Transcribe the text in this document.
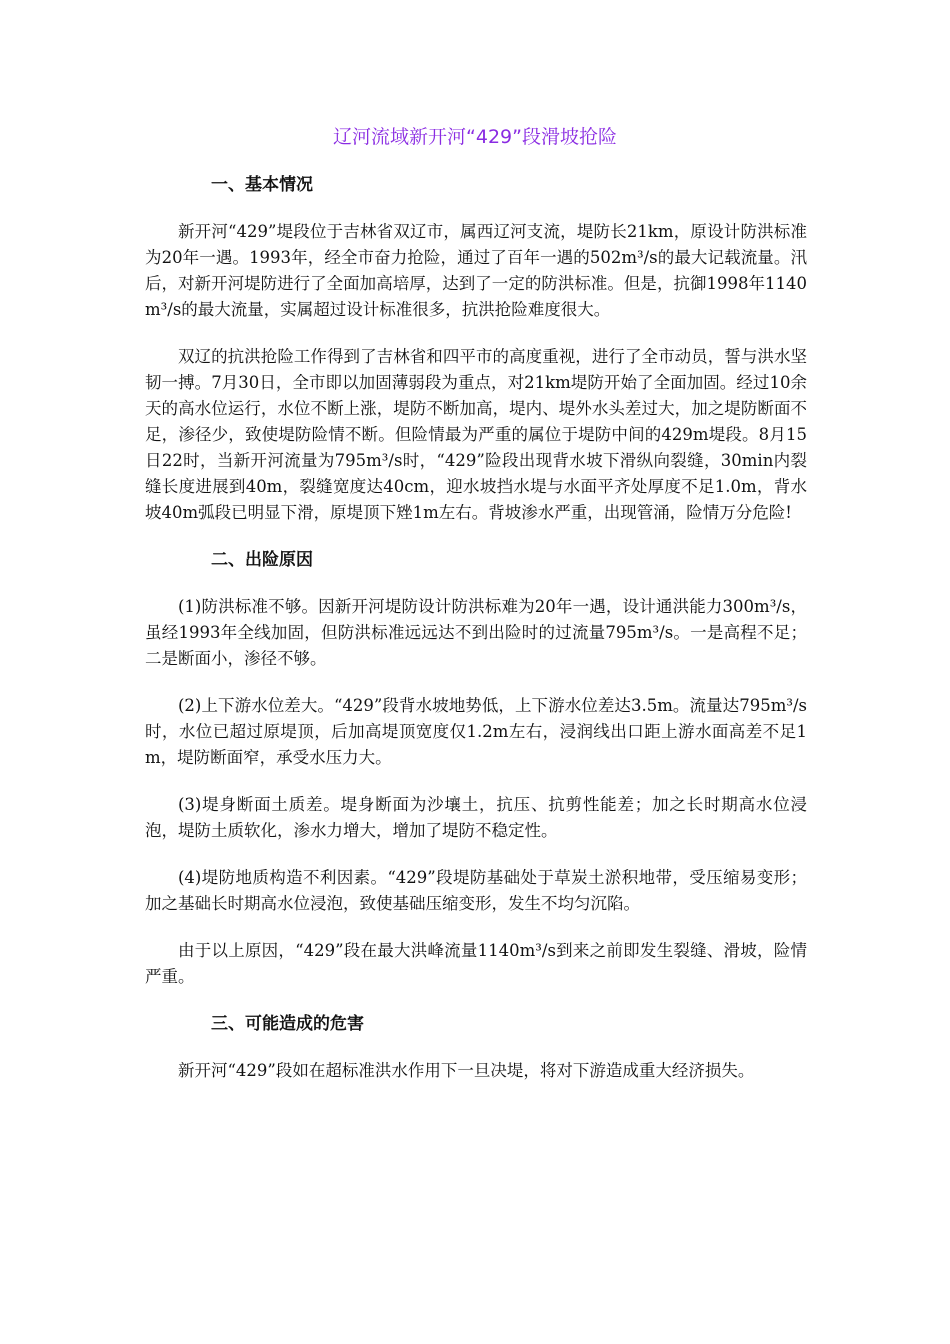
辽河流域新开河“429”段滑坡抢险
一、基本情况

新开河“429”堤段位于吉林省双辽市，属西辽河支流，堤防长21km，原设计防洪标准为20年一遇。1993年，经全市奋力抢险，通过了百年一遇的502m³/s的最大记载流量。汛后，对新开河堤防进行了全面加高培厚，达到了一定的防洪标准。但是，抗御1998年1140m³/s的最大流量，实属超过设计标准很多，抗洪抢险难度很大。

双辽的抗洪抢险工作得到了吉林省和四平市的高度重视，进行了全市动员，誓与洪水坚韧一搏。7月30日，全市即以加固薄弱段为重点，对21km堤防开始了全面加固。经过10余天的高水位运行，水位不断上涨，堤防不断加高，堤内、堤外水头差过大，加之堤防断面不足，渗径少，致使堤防险情不断。但险情最为严重的属位于堤防中间的429m堤段。8月15日22时，当新开河流量为795m³/s时，“429”险段出现背水坡下滑纵向裂缝，30min内裂缝长度进展到40m，裂缝宽度达40cm，迎水坡挡水堤与水面平齐处厚度不足1.0m，背水坡40m弧段已明显下滑，原堤顶下矬1m左右。背坡渗水严重，出现管涌，险情万分危险!

二、出险原因

(1)防洪标准不够。因新开河堤防设计防洪标难为20年一遇，设计通洪能力300m³/s，虽经1993年全线加固，但防洪标准远远达不到出险时的过流量795m³/s。一是高程不足；二是断面小，渗径不够。

(2)上下游水位差大。“429”段背水坡地势低，上下游水位差达3.5m。流量达795m³/s时，水位已超过原堤顶，后加高堤顶宽度仅1.2m左右，浸润线出口距上游水面高差不足1m，堤防断面窄，承受水压力大。

(3)堤身断面土质差。堤身断面为沙壤土，抗压、抗剪性能差；加之长时期高水位浸泡，堤防土质软化，渗水力增大，增加了堤防不稳定性。

(4)堤防地质构造不利因素。“429”段堤防基础处于草炭土淤积地带，受压缩易变形；加之基础长时期高水位浸泡，致使基础压缩变形，发生不均匀沉陷。

由于以上原因，“429”段在最大洪峰流量1140m³/s到来之前即发生裂缝、滑坡，险情严重。

三、可能造成的危害

新开河“429”段如在超标准洪水作用下一旦决堤，将对下游造成重大经济损失。
